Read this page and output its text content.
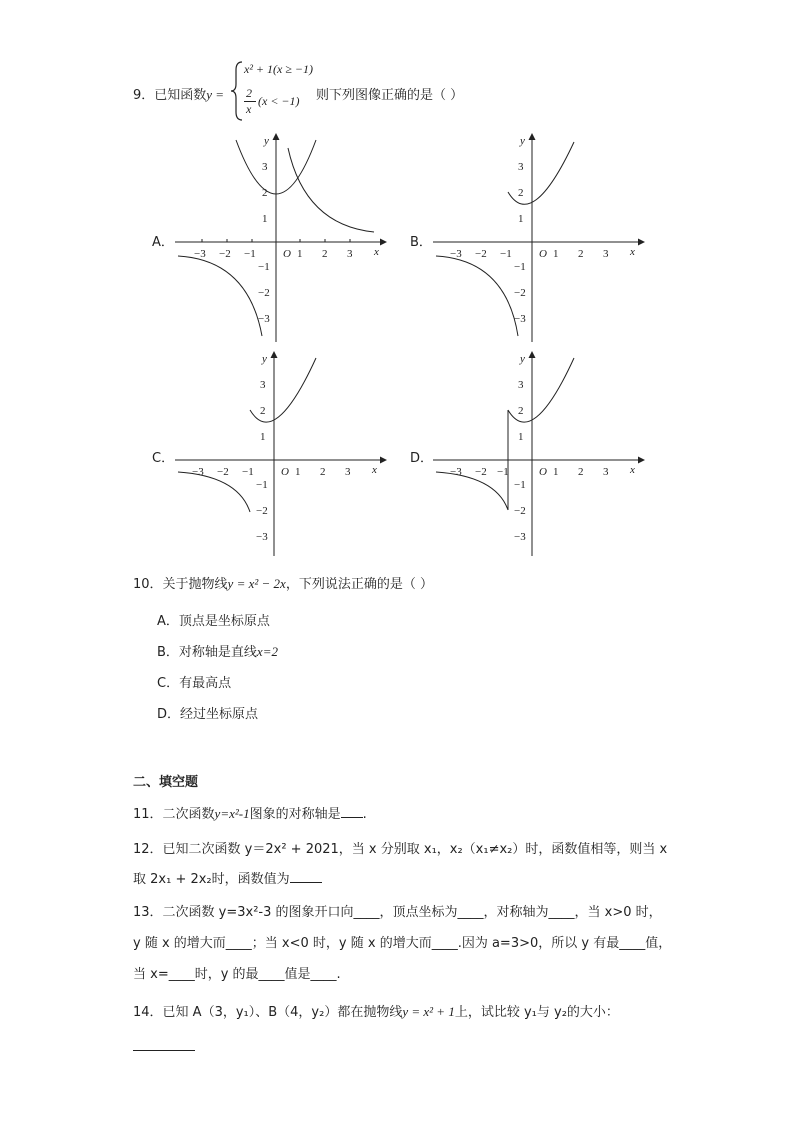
9．已知函数y =
x² + 1(x ≥ −1)
2
x
(x < −1) 则下列图像正确的是（ ）
A．
−3 −2 −1 O 1 2 3 x
y
3
2
1
−1
−2
−3
B．
−3 −2 −1 O 1 2 3 x
y
3
2
1
−1
−2
−3
C．
−3 −2 −1 O 1 2 3 x
y
3
2
1
−1
−2
−3
D．
−3 −2 −1	O 1 2 3 x
y
3
2
1
−1
−2
−3
10．关于抛物线y = x² − 2x，下列说法正确的是（ ）
A．顶点是坐标原点
B．对称轴是直线x=2
C．有最高点
D．经过坐标原点
二、填空题
11．二次函数y=x²-1图象的对称轴是 .
12．已知二次函数 y＝2x² + 2021，当 x 分别取 x₁，x₂（x₁≠x₂）时，函数值相等，则当 x
取 2x₁ + 2x₂时，函数值为
13．二次函数 y=3x²-3 的图象开口向____，顶点坐标为____，对称轴为____，当 x>0 时，
y 随 x 的增大而____；当 x<0 时，y 随 x 的增大而____.因为 a=3>0，所以 y 有最____值，
当 x=____时，y 的最____值是____.
14．已知 A（3，y₁）、B（4，y₂）都在抛物线y = x² + 1上，试比较 y₁与 y₂的大小：
